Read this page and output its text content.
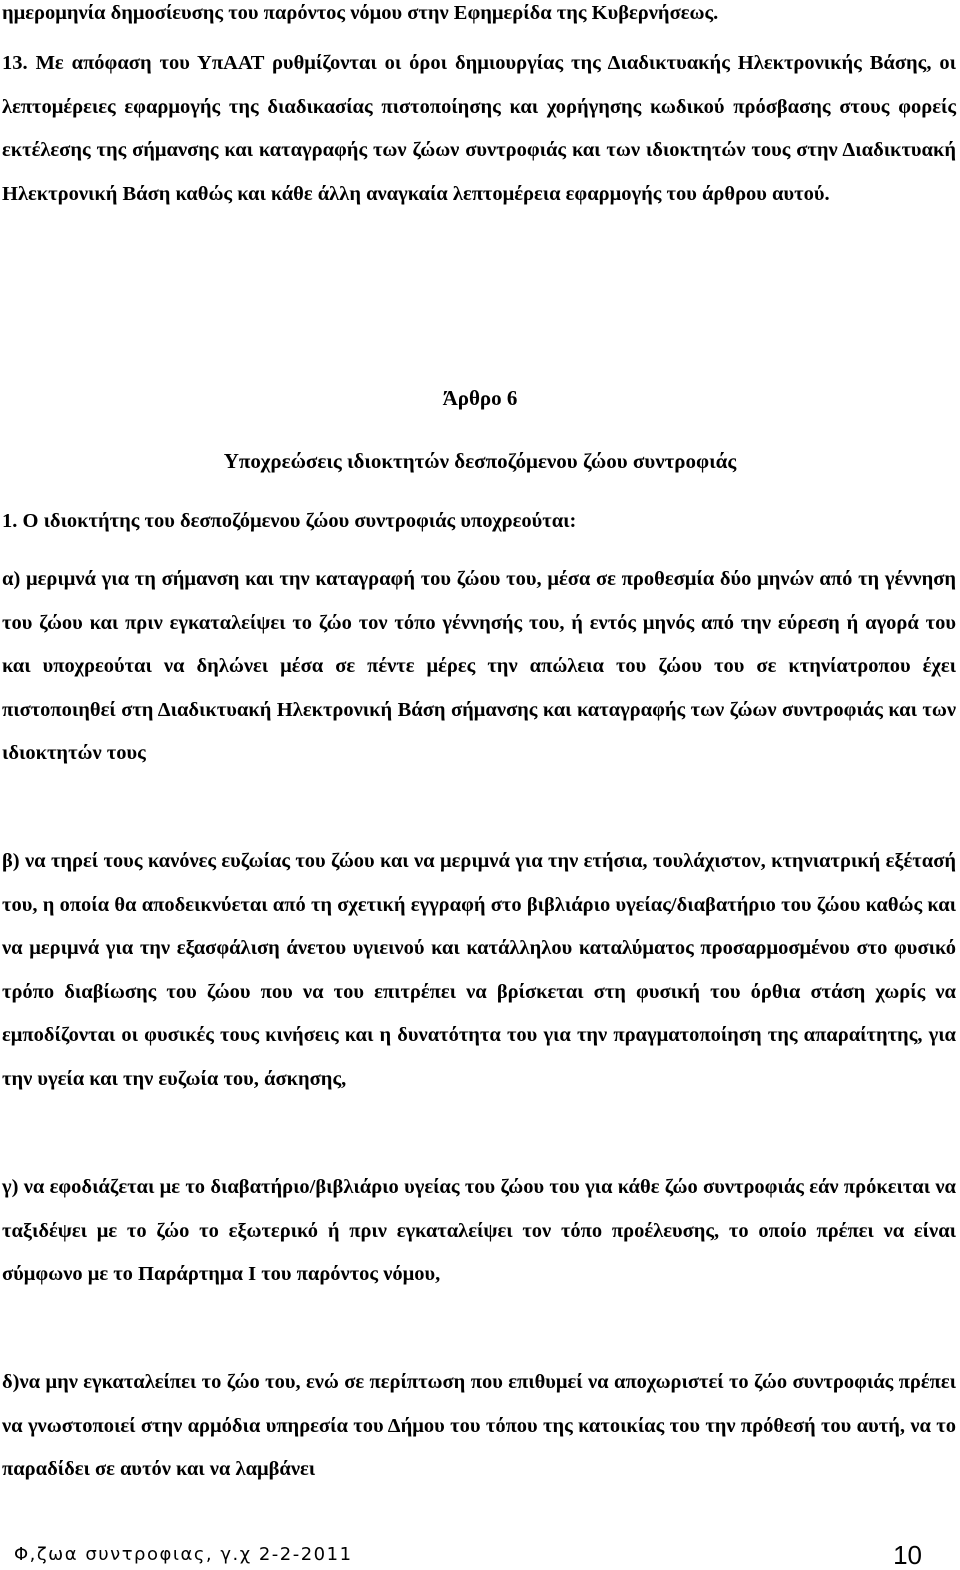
ημερομηνία δημοσίευσης του παρόντος νόμου στην Εφημερίδα της Κυβερνήσεως.

13. Με απόφαση του ΥπΑΑΤ ρυθμίζονται οι όροι δημιουργίας της Διαδικτυακής Ηλεκτρονικής Βάσης, οι λεπτομέρειες εφαρμογής της διαδικασίας πιστοποίησης και χορήγησης κωδικού πρόσβασης στους φορείς εκτέλεσης της σήμανσης και καταγραφής των ζώων συντροφιάς και των ιδιοκτητών τους στην Διαδικτυακή Ηλεκτρονική Βάση καθώς και κάθε άλλη αναγκαία λεπτομέρεια εφαρμογής του άρθρου αυτού.

Άρθρο 6

Υποχρεώσεις ιδιοκτητών δεσποζόμενου ζώου συντροφιάς

1. Ο ιδιοκτήτης του δεσποζόμενου ζώου συντροφιάς υποχρεούται:

α) μεριμνά για τη σήμανση και την καταγραφή του ζώου του, μέσα σε προθεσμία δύο μηνών από τη γέννηση του ζώου και πριν εγκαταλείψει το ζώο τον τόπο γέννησής του, ή εντός μηνός από την εύρεση ή αγορά του και υποχρεούται να δηλώνει μέσα σε πέντε μέρες την απώλεια του ζώου του σε κτηνίατροπου έχει πιστοποιηθεί στη Διαδικτυακή Ηλεκτρονική Βάση σήμανσης και καταγραφής των ζώων συντροφιάς και των ιδιοκτητών τους

β) να τηρεί τους κανόνες ευζωίας του ζώου και να μεριμνά για την ετήσια, τουλάχιστον, κτηνιατρική εξέτασή του, η οποία θα αποδεικνύεται από τη σχετική εγγραφή στο βιβλιάριο υγείας/διαβατήριο του ζώου καθώς και να μεριμνά για την εξασφάλιση άνετου υγιεινού και κατάλληλου καταλύματος προσαρμοσμένου στο φυσικό τρόπο διαβίωσης του ζώου που να του επιτρέπει να βρίσκεται στη φυσική του όρθια στάση χωρίς να εμποδίζονται οι φυσικές τους κινήσεις και η δυνατότητα του για την πραγματοποίηση της απαραίτητης, για την υγεία και την ευζωία του, άσκησης,

γ) να εφοδιάζεται με το διαβατήριο/βιβλιάριο υγείας του ζώου του για κάθε ζώο συντροφιάς εάν πρόκειται να ταξιδέψει με το ζώο το εξωτερικό ή πριν εγκαταλείψει τον τόπο προέλευσης, το οποίο πρέπει να είναι σύμφωνο με το Παράρτημα Ι του παρόντος νόμου,

δ)να μην εγκαταλείπει το ζώο του, ενώ σε περίπτωση που επιθυμεί να αποχωριστεί το ζώο συντροφιάς πρέπει να γνωστοποιεί στην αρμόδια υπηρεσία του Δήμου του τόπου της κατοικίας του την πρόθεσή του αυτή, να το παραδίδει σε αυτόν και να λαμβάνει

Φ,ζωα συντροφιας, γ.χ 2-2-2011	10
